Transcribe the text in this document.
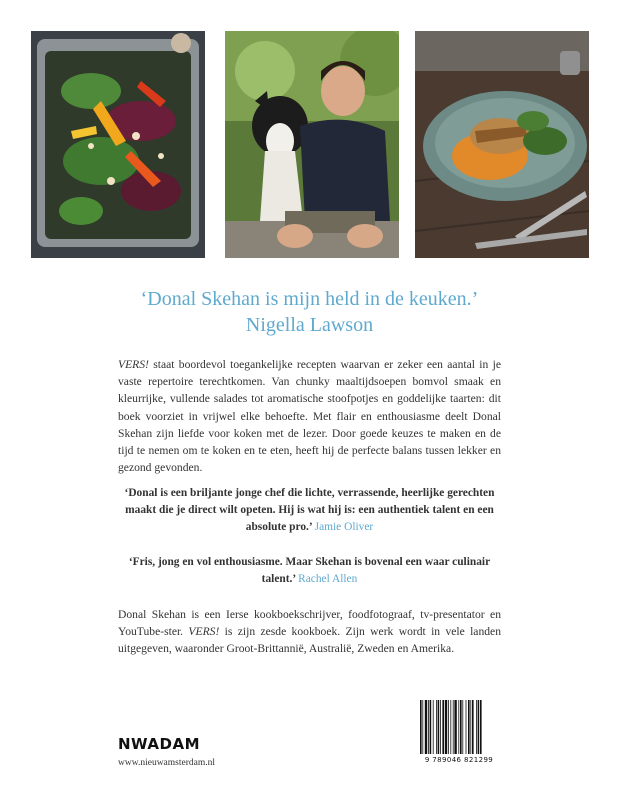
‘Donal Skehan is mijn held in de keuken.’
Nigella Lawson
VERS! staat boordevol toegankelijke recepten waarvan er zeker een aantal in je vaste repertoire terechtkomen. Van chunky maaltijdsoepen bomvol smaak en kleurrijke, vullende salades tot aromatische stoofpotjes en goddelijke taarten: dit boek voorziet in vrijwel elke behoefte. Met flair en enthousiasme deelt Donal Skehan zijn liefde voor koken met de lezer. Door goede keuzes te maken en de tijd te nemen om te koken en te eten, heeft hij de perfecte balans tussen lekker en gezond gevonden.
‘Donal is een briljante jonge chef die lichte, verrassende, heerlijke gerechten maakt die je direct wilt opeten. Hij is wat hij is: een authentiek talent en een absolute pro.’ Jamie Oliver
‘Fris, jong en vol enthousiasme. Maar Skehan is bovenal een waar culinair talent.’ Rachel Allen
Donal Skehan is een Ierse kookboekschrijver, foodfotograaf, tv-presentator en YouTube-ster. VERS! is zijn zesde kookboek. Zijn werk wordt in vele landen uitgegeven, waaronder Groot-Brittannië, Australië, Zweden en Amerika.
NWADAM
www.nieuwamsterdam.nl	9 789046 821299
